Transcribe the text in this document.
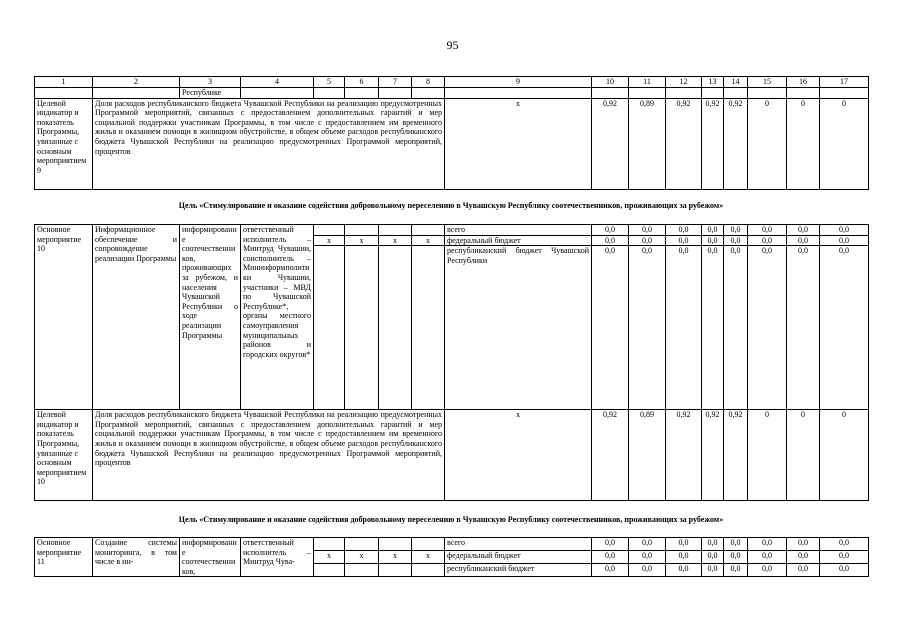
95
1	2	3	4	5	6	7	8	9	10	11	12	13	14	15	16	17
		Республике														
Целевой индикатор и показатель Программы, увязанные с основным мероприятием 9	Доля расходов республиканского бюджета Чувашской Республики на реализацию предусмотренных Программой мероприятий, связанных с предоставлением дополнительных гарантий и мер социальной поддержки участникам Программы, в том числе с предоставлением им временного жилья и оказанием помощи в жилищном обустройстве, в общем объеме расходов республиканского бюджета Чувашской Республики на реализацию предусмотренных Программой мероприятий, процентов							x	0,92	0,89	0,92	0,92	0,92	0	0	0
Цель «Стимулирование и оказание содействия добровольному переселению в Чувашскую Республику соотечественников, проживающих за рубежом»
Основное мероприятие 10	Информационное обеспечение и сопровождение реализации Программы	информирование соотечественников, проживающих за рубежом, и населения Чувашской Республики о ходе реализации Программы	ответственный исполнитель – Минтруд Чувашии, соисполнитель – Мининформполитики Чувашии, участники – МВД по Чувашской Республике*, органы местного самоуправления муниципальных районов и городских округов*					всего	0,0	0,0	0,0	0,0	0,0	0,0	0,0	0,0
				x	x	x	x	федеральный бюджет	0,0	0,0	0,0	0,0	0,0	0,0	0,0	0,0
								республиканский бюджет Чувашской Республики	0,0	0,0	0,0	0,0	0,0	0,0	0,0	0,0
Целевой индикатор и показатель Программы, увязанные с основным мероприятием 10	Доля расходов республиканского бюджета Чувашской Республики на реализацию предусмотренных Программой мероприятий, связанных с предоставлением дополнительных гарантий и мер социальной поддержки участникам Программы, в том числе с предоставлением им временного жилья и оказанием помощи в жилищном обустройстве, в общем объеме расходов республиканского бюджета Чувашской Республики на реализацию предусмотренных Программой мероприятий, процентов							x	0,92	0,89	0,92	0,92	0,92	0	0	0
Цель «Стимулирование и оказание содействия добровольному переселению в Чувашскую Республику соотечественников, проживающих за рубежом»
Основное мероприятие 11	Создание системы мониторинга, в том числе в ин-	информирование соотечественников,	ответственный исполнитель – Минтруд Чува-					всего	0,0	0,0	0,0	0,0	0,0	0,0	0,0	0,0
				x	x	x	x	федеральный бюджет	0,0	0,0	0,0	0,0	0,0	0,0	0,0	0,0
								республиканский бюджет	0,0	0,0	0,0	0,0	0,0	0,0	0,0	0,0
